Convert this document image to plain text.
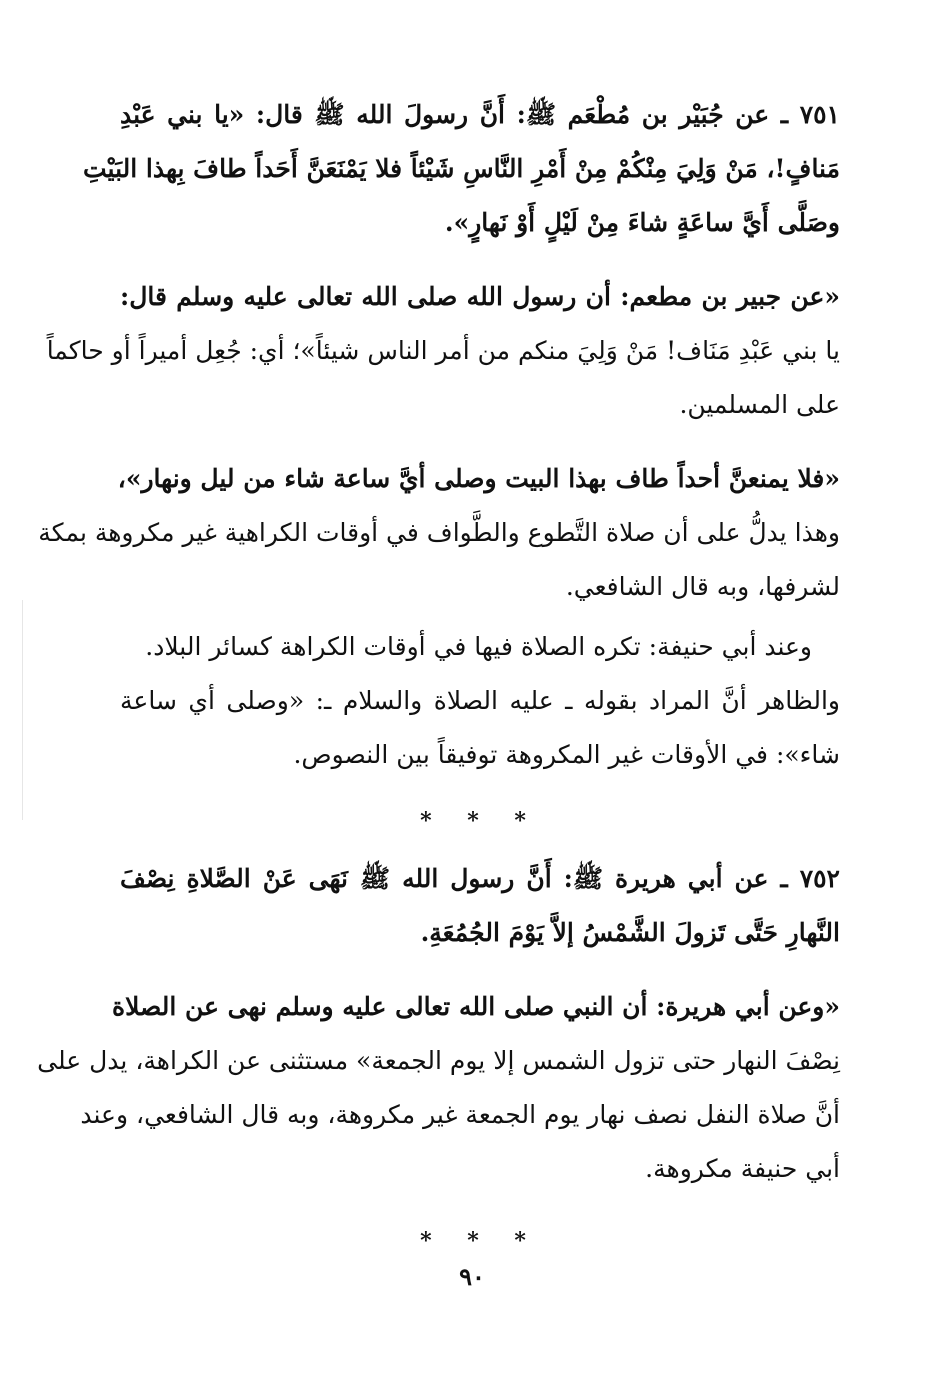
٧٥١ ـ عن جُبَيْر بن مُطْعَم ﷺ: أَنَّ رسولَ الله ﷺ قال: «يا بني عَبْدِ
مَنافٍ!، مَنْ وَلِيَ مِنْكُمْ مِنْ أَمْرِ النَّاسِ شَيْئاً فلا يَمْنَعَنَّ أَحَداً طافَ بِهذا البَيْتِ
وصَلَّى أَيَّ ساعَةٍ شاءَ مِنْ لَيْلٍ أَوْ نَهارٍ».
«عن جبير بن مطعم: أن رسول الله صلى الله تعالى عليه وسلم قال:
يا بني عَبْدِ مَنَاف! مَنْ وَلِيَ منكم من أمر الناس شيئاً»؛ أي: جُعِل أميراً أو حاكماً
على المسلمين.
«فلا يمنعنَّ أحداً طاف بهذا البيت وصلى أيَّ ساعة شاء من ليل ونهار»،
وهذا يدلُّ على أن صلاة التَّطوع والطَّواف في أوقات الكراهية غير مكروهة بمكة
لشرفها، وبه قال الشافعي.
وعند أبي حنيفة: تكره الصلاة فيها في أوقات الكراهة كسائر البلاد.
والظاهر أنَّ المراد بقوله ـ عليه الصلاة والسلام ـ: «وصلى أي ساعة
شاء»: في الأوقات غير المكروهة توفيقاً بين النصوص.
* * *
٧٥٢ ـ عن أبي هريرة ﷺ: أَنَّ رسول الله ﷺ نَهَى عَنْ الصَّلاةِ نِصْفَ
النَّهارِ حَتَّى تَزولَ الشَّمْسُ إلاَّ يَوْمَ الجُمُعَةِ.
«وعن أبي هريرة: أن النبي صلى الله تعالى عليه وسلم نهى عن الصلاة
نِصْفَ النهار حتى تزول الشمس إلا يوم الجمعة» مستثنى عن الكراهة، يدل على
أنَّ صلاة النفل نصف نهار يوم الجمعة غير مكروهة، وبه قال الشافعي، وعند
أبي حنيفة مكروهة.
* * *
٩٠
